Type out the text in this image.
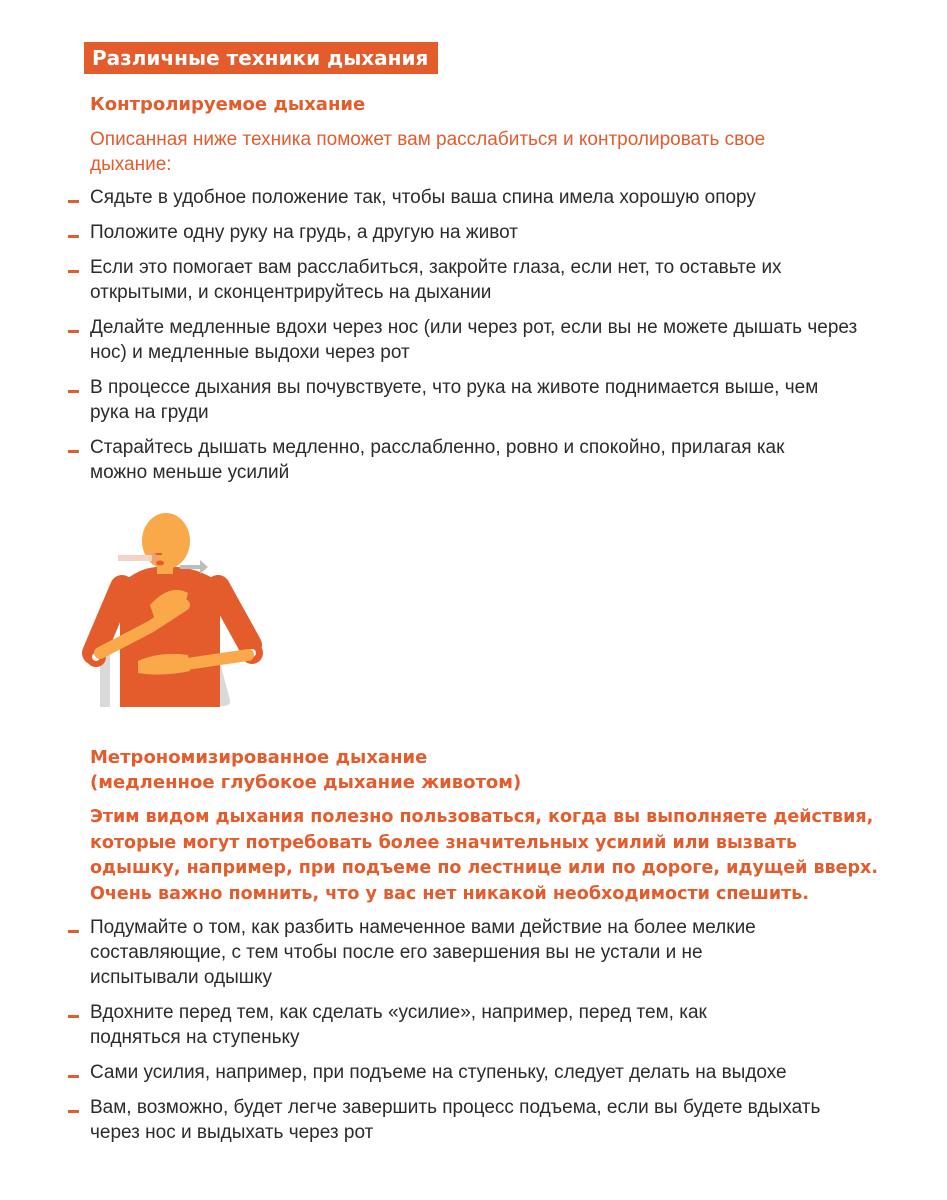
Различные техники дыхания
Контролируемое дыхание

Описанная ниже техника поможет вам расслабиться и контролировать свое дыхание:

Сядьте в удобное положение так, чтобы ваша спина имела хорошую опору
Положите одну руку на грудь, а другую на живот
Если это помогает вам расслабиться, закройте глаза, если нет, то оставьте их открытыми, и сконцентрируйтесь на дыхании
Делайте медленные вдохи через нос (или через рот, если вы не можете дышать через нос) и медленные выдохи через рот
В процессе дыхания вы почувствуете, что рука на животе поднимается выше, чем рука на груди
Старайтесь дышать медленно, расслабленно, ровно и спокойно, прилагая как можно меньше усилий
Метрономизированное дыхание
(медленное глубокое дыхание животом)

Этим видом дыхания полезно пользоваться, когда вы выполняете действия, которые могут потребовать более значительных усилий или вызвать одышку, например, при подъеме по лестнице или по дороге, идущей вверх. Очень важно помнить, что у вас нет никакой необходимости спешить.

Подумайте о том, как разбить намеченное вами действие на более мелкие составляющие, с тем чтобы после его завершения вы не устали и не испытывали одышку
Вдохните перед тем, как сделать «усилие», например, перед тем, как подняться на ступеньку
Сами усилия, например, при подъеме на ступеньку, следует делать на выдохе
Вам, возможно, будет легче завершить процесс подъема, если вы будете вдыхать через нос и выдыхать через рот
